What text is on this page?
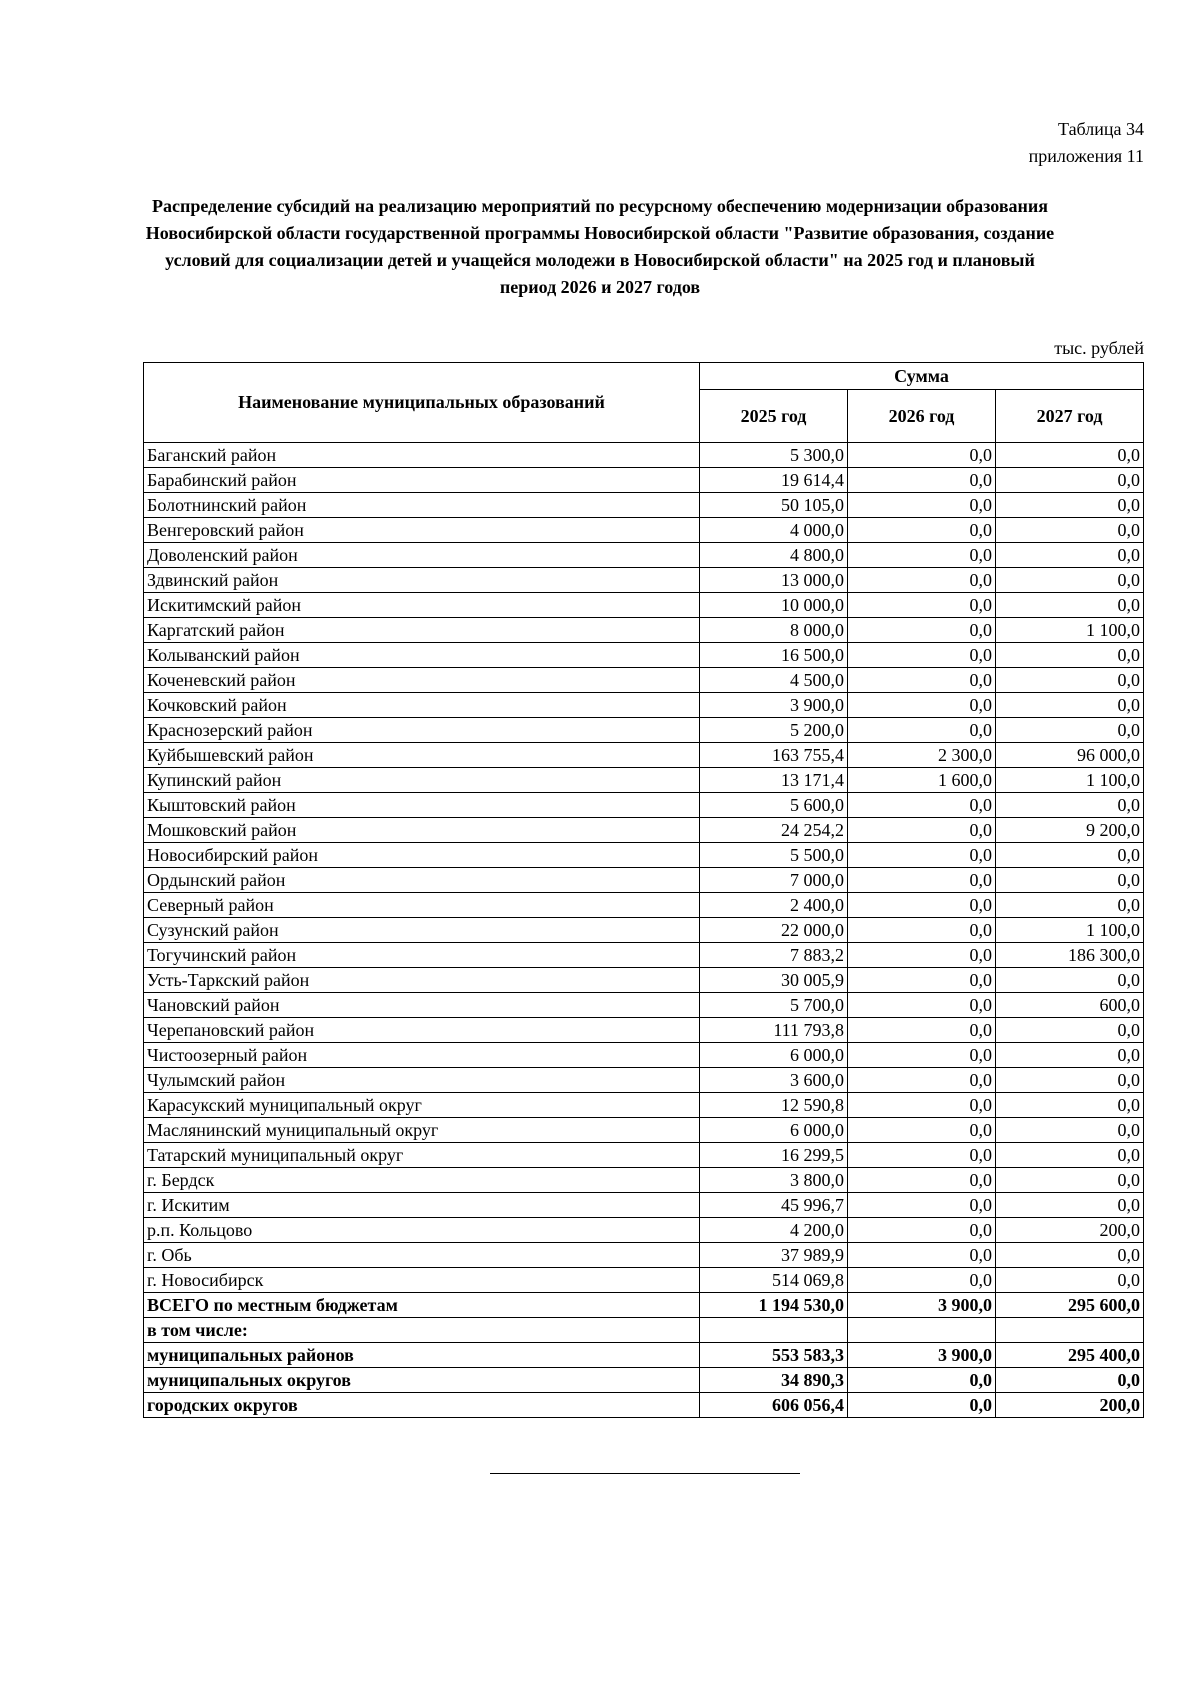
Таблица 34
приложения 11
Распределение субсидий на реализацию мероприятий по ресурсному обеспечению модернизации образования Новосибирской области государственной программы Новосибирской области "Развитие образования, создание условий для социализации детей и учащейся молодежи в Новосибирской области" на 2025 год и плановый период 2026 и 2027 годов
тыс. рублей
Наименование муниципальных образований	Сумма		
	2025 год	2026 год	2027 год
Баганский район	5 300,0	0,0	0,0
Барабинский район	19 614,4	0,0	0,0
Болотнинский район	50 105,0	0,0	0,0
Венгеровский район	4 000,0	0,0	0,0
Доволенский район	4 800,0	0,0	0,0
Здвинский район	13 000,0	0,0	0,0
Искитимский район	10 000,0	0,0	0,0
Каргатский район	8 000,0	0,0	1 100,0
Колыванский район	16 500,0	0,0	0,0
Коченевский район	4 500,0	0,0	0,0
Кочковский район	3 900,0	0,0	0,0
Краснозерский район	5 200,0	0,0	0,0
Куйбышевский район	163 755,4	2 300,0	96 000,0
Купинский район	13 171,4	1 600,0	1 100,0
Кыштовский район	5 600,0	0,0	0,0
Мошковский район	24 254,2	0,0	9 200,0
Новосибирский район	5 500,0	0,0	0,0
Ордынский район	7 000,0	0,0	0,0
Северный район	2 400,0	0,0	0,0
Сузунский район	22 000,0	0,0	1 100,0
Тогучинский район	7 883,2	0,0	186 300,0
Усть-Таркский район	30 005,9	0,0	0,0
Чановский район	5 700,0	0,0	600,0
Черепановский район	111 793,8	0,0	0,0
Чистоозерный район	6 000,0	0,0	0,0
Чулымский район	3 600,0	0,0	0,0
Карасукский муниципальный округ	12 590,8	0,0	0,0
Маслянинский муниципальный округ	6 000,0	0,0	0,0
Татарский муниципальный округ	16 299,5	0,0	0,0
г. Бердск	3 800,0	0,0	0,0
г. Искитим	45 996,7	0,0	0,0
р.п. Кольцово	4 200,0	0,0	200,0
г. Обь	37 989,9	0,0	0,0
г. Новосибирск	514 069,8	0,0	0,0
ВСЕГО по местным бюджетам	1 194 530,0	3 900,0	295 600,0
в том числе:			
муниципальных районов	553 583,3	3 900,0	295 400,0
муниципальных округов	34 890,3	0,0	0,0
городских округов	606 056,4	0,0	200,0
